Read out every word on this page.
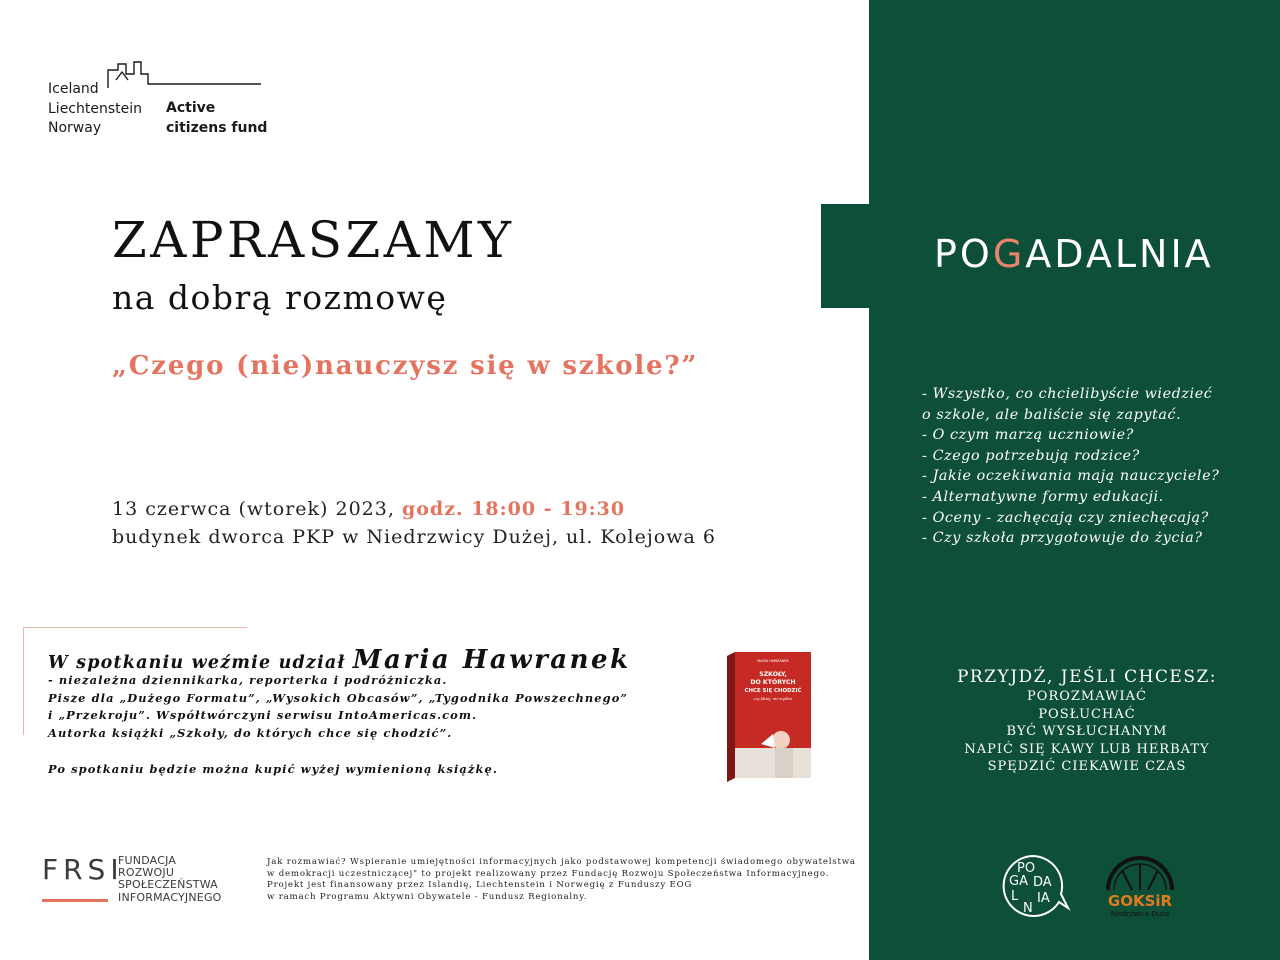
POGADALNIA
- Wszystko, co chcielibyście wiedzieć
o szkole, ale baliście się zapytać.
- O czym marzą uczniowie?
- Czego potrzebują rodzice?
- Jakie oczekiwania mają nauczyciele?
- Alternatywne formy edukacji.
- Oceny - zachęcają czy zniechęcają?
- Czy szkoła przygotowuje do życia?
PRZYJDŹ, JEŚLI CHCESZ:
POROZMAWIAĆ
POSŁUCHAĆ
BYĆ WYSŁUCHANYM
NAPIĆ SIĘ KAWY LUB HERBATY
SPĘDZIĆ CIEKAWIE CZAS
Iceland
Liechtenstein
Norway
Active
citizens fund
ZAPRASZAMY
na dobrą rozmowę
„Czego (nie)nauczysz się w szkole?”
13 czerwca (wtorek) 2023, godz. 18:00 - 19:30
budynek dworca PKP w Niedrzwicy Dużej, ul. Kolejowa 6
W spotkaniu weźmie udział Maria Hawranek
- niezależna dziennikarka, reporterka i podróżniczka.
Pisze dla „Dużego Formatu”, „Wysokich Obcasów”, „Tygodnika Powszechnego”
i „Przekroju”. Współtwórczyni serwisu IntoAmericas.com.
Autorka książki „Szkoły, do których chce się chodzić”.
Po spotkaniu będzie można kupić wyżej wymienioną książkę.
MARIA HAWRANEK
SZKOŁY,
DO KTÓRYCH
CHCE SIĘ CHODZIĆ
czy bliżej, niż myślisz
FRSI
FUNDACJA
ROZWOJU
SPOŁECZEŃSTWA
INFORMACYJNEGO
Jak rozmawiać? Wspieranie umiejętności informacyjnych jako podstawowej kompetencji świadomego obywatelstwa
w demokracji uczestniczącej" to projekt realizowany przez Fundację Rozwoju Społeczeństwa Informacyjnego.
Projekt jest finansowany przez Islandię, Liechtenstein i Norwegię z Funduszy EOG
w ramach Programu Aktywni Obywatele - Fundusz Regionalny.
PO
GA DA
L
N
IA	GOKSiR
Niedrzwica Duża
